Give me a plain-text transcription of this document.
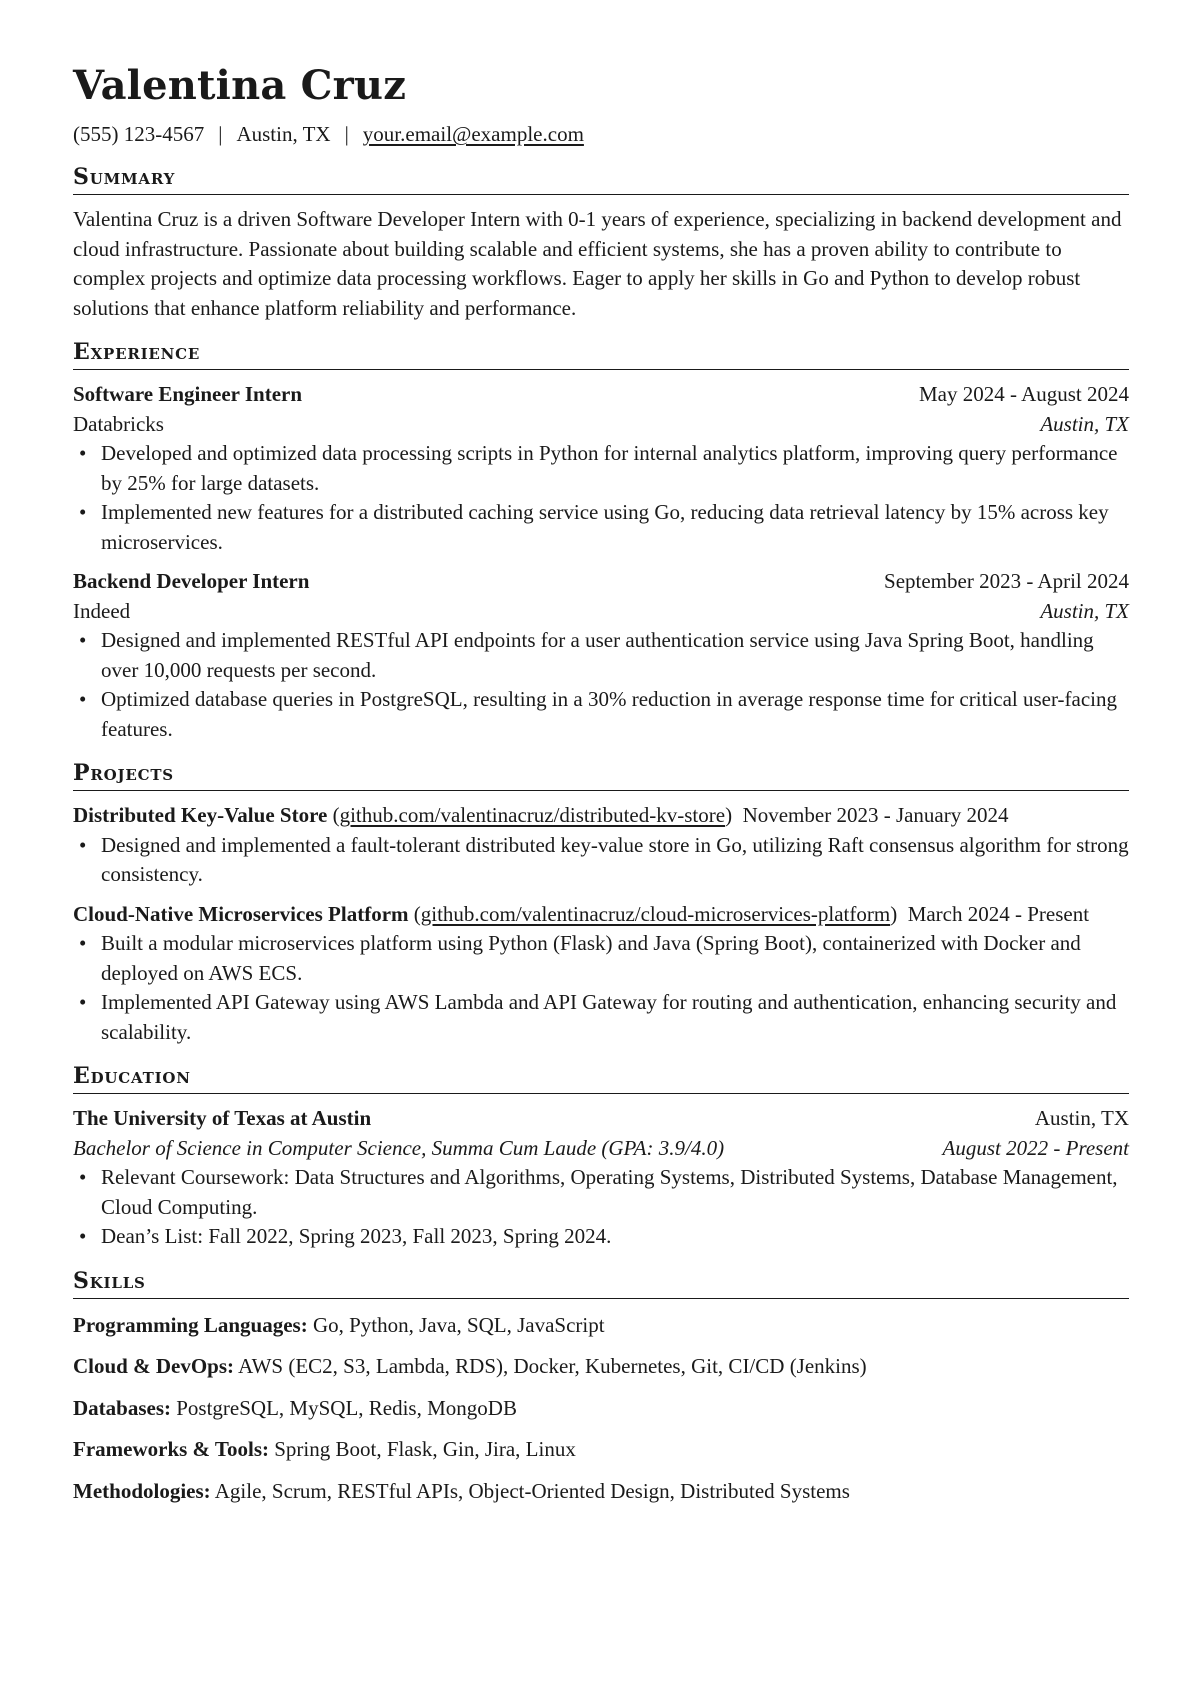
Valentina Cruz
(555) 123-4567 | Austin, TX | your.email@example.com
Summary

Valentina Cruz is a driven Software Developer Intern with 0-1 years of experience, specializing in backend development and cloud infrastructure. Passionate about building scalable and efficient systems, she has a proven ability to contribute to complex projects and optimize data processing workflows. Eager to apply her skills in Go and Python to develop robust solutions that enhance platform reliability and performance.

Experience
Software Engineer Intern	May 2024 - August 2024
Databricks	Austin, TX
• Developed and optimized data processing scripts in Python for internal analytics platform, improving query performance by 25% for large datasets.
• Implemented new features for a distributed caching service using Go, reducing data retrieval latency by 15% across key microservices.
Backend Developer Intern	September 2023 - April 2024
Indeed	Austin, TX
• Designed and implemented RESTful API endpoints for a user authentication service using Java Spring Boot, handling over 10,000 requests per second.
• Optimized database queries in PostgreSQL, resulting in a 30% reduction in average response time for critical user-facing features.
Projects
Distributed Key-Value Store (github.com/valentinacruz/distributed-kv-store)  November 2023 - January 2024
• Designed and implemented a fault-tolerant distributed key-value store in Go, utilizing Raft consensus algorithm for strong consistency.
Cloud-Native Microservices Platform (github.com/valentinacruz/cloud-microservices-platform)  March 2024 - Present
• Built a modular microservices platform using Python (Flask) and Java (Spring Boot), containerized with Docker and deployed on AWS ECS.
• Implemented API Gateway using AWS Lambda and API Gateway for routing and authentication, enhancing security and scalability.
Education
The University of Texas at Austin	Austin, TX
Bachelor of Science in Computer Science, Summa Cum Laude (GPA: 3.9/4.0)	August 2022 - Present
• Relevant Coursework: Data Structures and Algorithms, Operating Systems, Distributed Systems, Database Management, Cloud Computing.
• Dean’s List: Fall 2022, Spring 2023, Fall 2023, Spring 2024.
Skills
Programming Languages: Go, Python, Java, SQL, JavaScript
Cloud & DevOps: AWS (EC2, S3, Lambda, RDS), Docker, Kubernetes, Git, CI/CD (Jenkins)
Databases: PostgreSQL, MySQL, Redis, MongoDB
Frameworks & Tools: Spring Boot, Flask, Gin, Jira, Linux
Methodologies: Agile, Scrum, RESTful APIs, Object-Oriented Design, Distributed Systems
